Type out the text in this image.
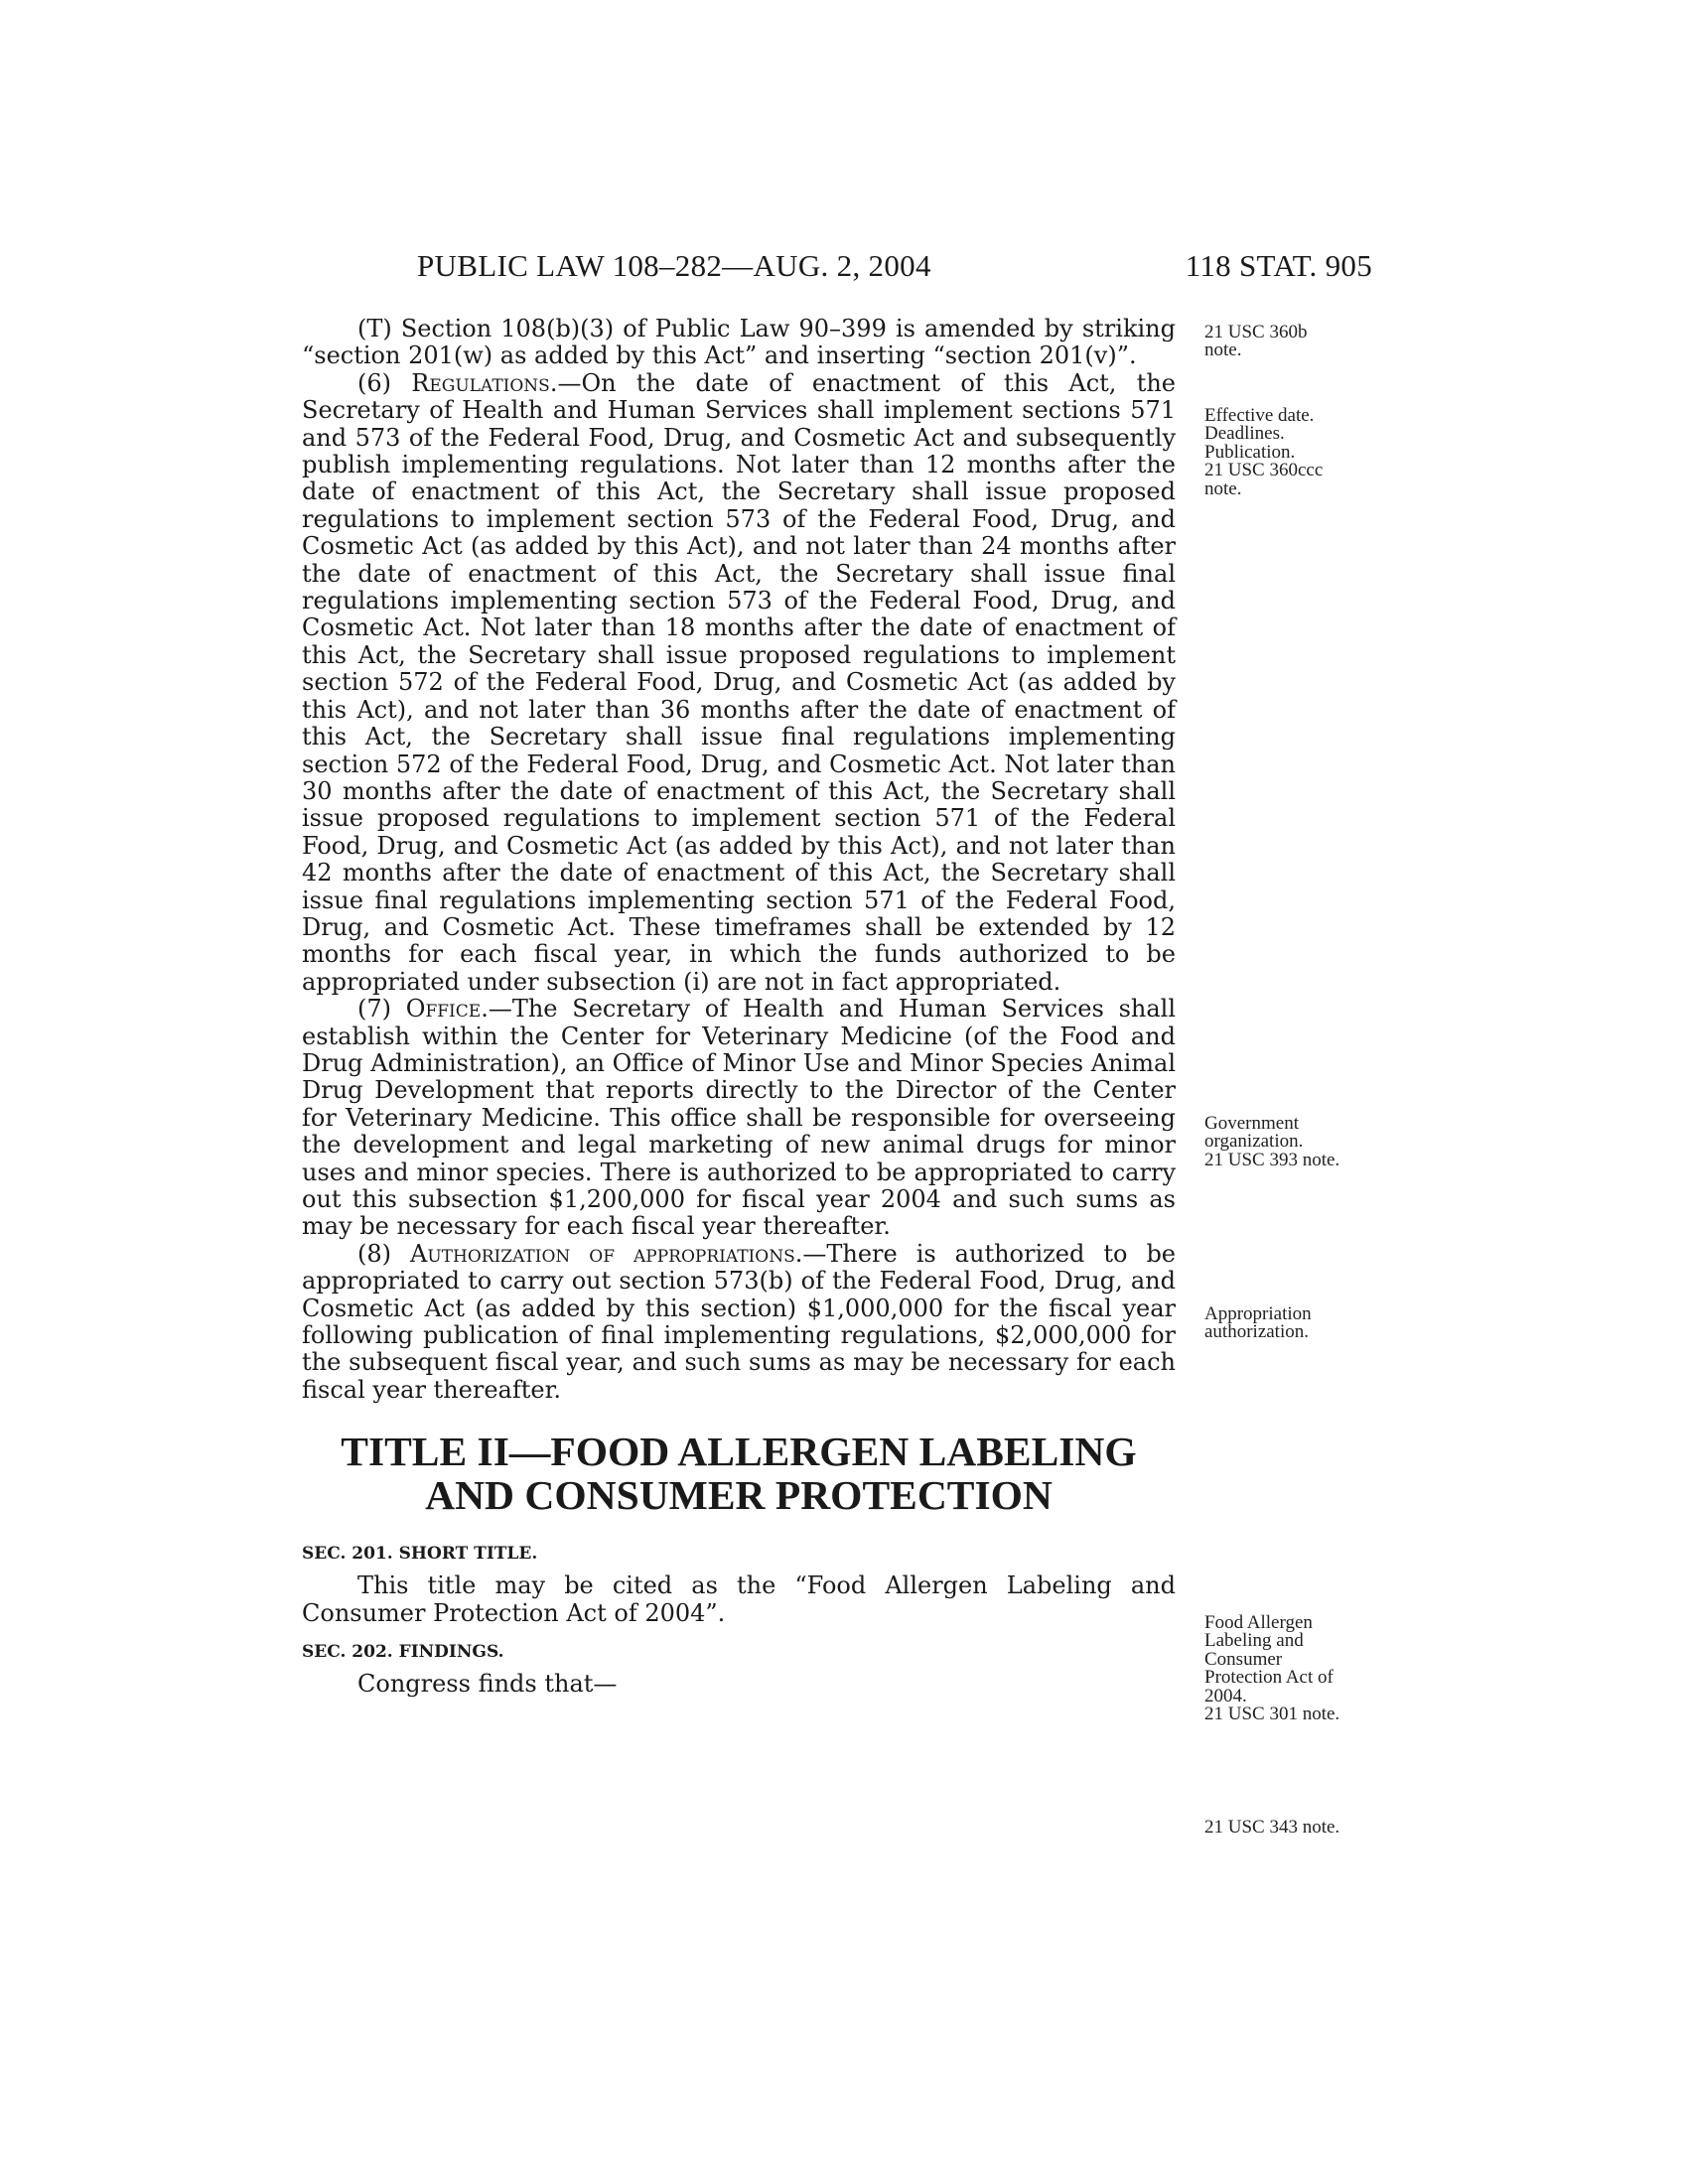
PUBLIC LAW 108–282—AUG. 2, 2004	118 STAT. 905

(T) Section 108(b)(3) of Public Law 90–399 is amended by striking “section 201(w) as added by this Act” and inserting “section 201(v)”.

(6) Regulations.—On the date of enactment of this Act, the Secretary of Health and Human Services shall implement sections 571 and 573 of the Federal Food, Drug, and Cosmetic Act and subsequently publish implementing regulations. Not later than 12 months after the date of enactment of this Act, the Secretary shall issue proposed regulations to implement section 573 of the Federal Food, Drug, and Cosmetic Act (as added by this Act), and not later than 24 months after the date of enactment of this Act, the Secretary shall issue final regulations implementing section 573 of the Federal Food, Drug, and Cosmetic Act. Not later than 18 months after the date of enactment of this Act, the Secretary shall issue proposed regulations to implement section 572 of the Federal Food, Drug, and Cosmetic Act (as added by this Act), and not later than 36 months after the date of enactment of this Act, the Secretary shall issue final regulations implementing section 572 of the Federal Food, Drug, and Cosmetic Act. Not later than 30 months after the date of enactment of this Act, the Secretary shall issue proposed regulations to implement section 571 of the Federal Food, Drug, and Cosmetic Act (as added by this Act), and not later than 42 months after the date of enactment of this Act, the Secretary shall issue final regulations implementing section 571 of the Federal Food, Drug, and Cosmetic Act. These timeframes shall be extended by 12 months for each fiscal year, in which the funds authorized to be appropriated under subsection (i) are not in fact appropriated.

(7) Office.—The Secretary of Health and Human Services shall establish within the Center for Veterinary Medicine (of the Food and Drug Administration), an Office of Minor Use and Minor Species Animal Drug Development that reports directly to the Director of the Center for Veterinary Medicine. This office shall be responsible for overseeing the development and legal marketing of new animal drugs for minor uses and minor species. There is authorized to be appropriated to carry out this subsection $1,200,000 for fiscal year 2004 and such sums as may be necessary for each fiscal year thereafter.

(8) Authorization of appropriations.—There is authorized to be appropriated to carry out section 573(b) of the Federal Food, Drug, and Cosmetic Act (as added by this section) $1,000,000 for the fiscal year following publication of final implementing regulations, $2,000,000 for the subsequent fiscal year, and such sums as may be necessary for each fiscal year thereafter.

TITLE II—FOOD ALLERGEN LABELING
AND CONSUMER PROTECTION
SEC. 201. SHORT TITLE.

This title may be cited as the “Food Allergen Labeling and Consumer Protection Act of 2004”.

SEC. 202. FINDINGS.

Congress finds that—

21 USC 360b
note.
Effective date.
Deadlines.
Publication.
21 USC 360ccc
note.
Government
organization.
21 USC 393 note.
Appropriation
authorization.
Food Allergen
Labeling and
Consumer
Protection Act of
2004.
21 USC 301 note.
21 USC 343 note.
